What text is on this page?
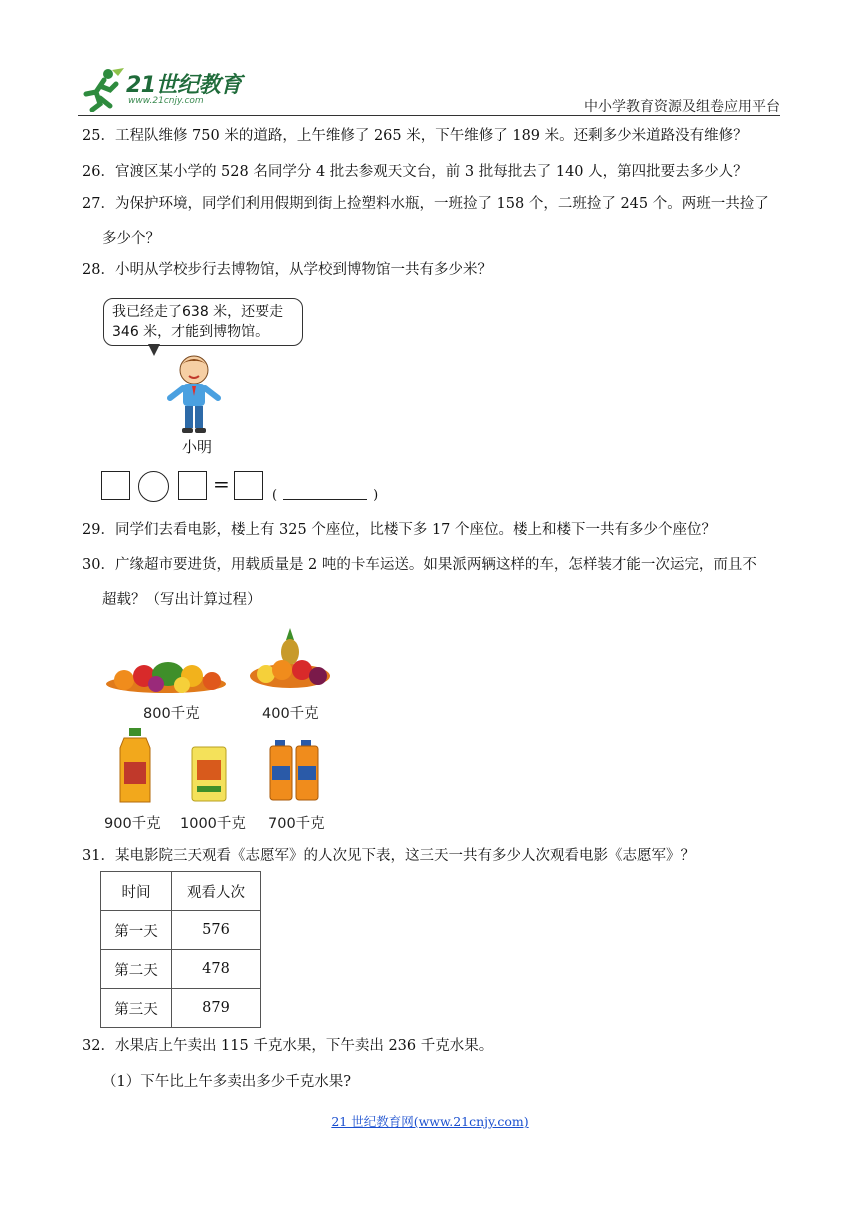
21世纪教育
www.21cnjy.com	中小学教育资源及组卷应用平台
25．工程队维修 750 米的道路，上午维修了 265 米，下午维修了 189 米。还剩多少米道路没有维修？
26．官渡区某小学的 528 名同学分 4 批去参观天文台，前 3 批每批去了 140 人，第四批要去多少人？
27．为保护环境，同学们利用假期到街上捡塑料水瓶，一班捡了 158 个，二班捡了 245 个。两班一共捡了
多少个？
28．小明从学校步行去博物馆，从学校到博物馆一共有多少米？
我已经走了638 米，还要走
346 米，才能到博物馆。
小明
=	(	)
29．同学们去看电影，楼上有 325 个座位，比楼下多 17 个座位。楼上和楼下一共有多少个座位？
30．广缘超市要进货，用载质量是 2 吨的卡车运送。如果派两辆这样的车，怎样装才能一次运完，而且不
超载？（写出计算过程）
800千克	400千克
900千克 1000千克 700千克
31．某电影院三天观看《志愿军》的人次见下表，这三天一共有多少人次观看电影《志愿军》？
时间	观看人次
第一天	576
第二天	478
第三天	879
32．水果店上午卖出 115 千克水果，下午卖出 236 千克水果。
（1）下午比上午多卖出多少千克水果?
21 世纪教育网(www.21cnjy.com)
